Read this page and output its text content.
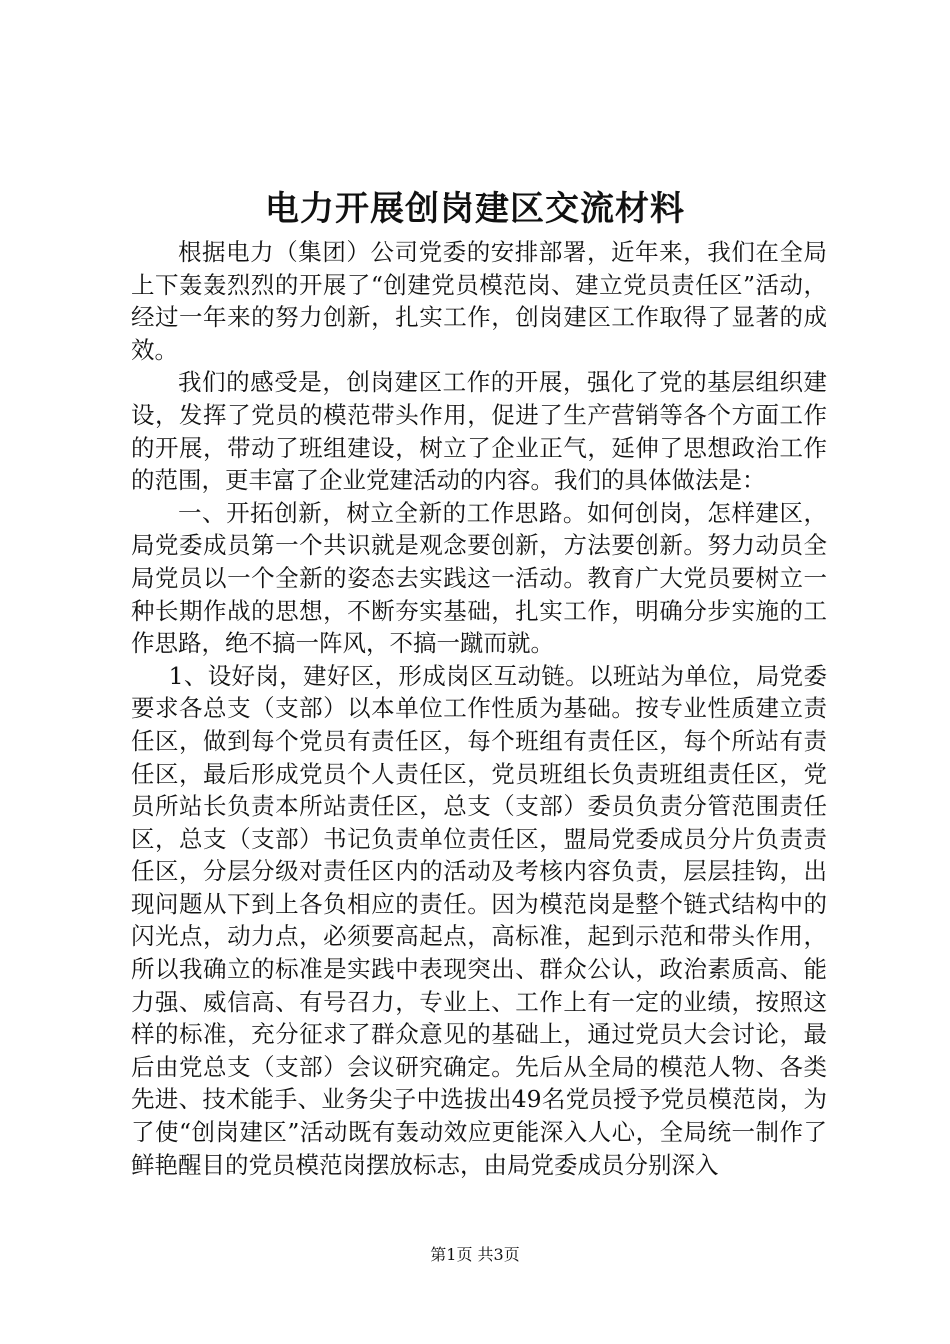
电力开展创岗建区交流材料

根据电力（集团）公司党委的安排部署，近年来，我们在全局上下轰轰烈烈的开展了“创建党员模范岗、建立党员责任区”活动，经过一年来的努力创新，扎实工作，创岗建区工作取得了显著的成效。

我们的感受是，创岗建区工作的开展，强化了党的基层组织建设，发挥了党员的模范带头作用，促进了生产营销等各个方面工作的开展，带动了班组建设，树立了企业正气，延伸了思想政治工作的范围，更丰富了企业党建活动的内容。我们的具体做法是：

一、开拓创新，树立全新的工作思路。如何创岗，怎样建区，局党委成员第一个共识就是观念要创新，方法要创新。努力动员全局党员以一个全新的姿态去实践这一活动。教育广大党员要树立一种长期作战的思想，不断夯实基础，扎实工作，明确分步实施的工作思路，绝不搞一阵风，不搞一蹴而就。

1、设好岗，建好区，形成岗区互动链。以班站为单位，局党委要求各总支（支部）以本单位工作性质为基础。按专业性质建立责任区，做到每个党员有责任区，每个班组有责任区，每个所站有责任区，最后形成党员个人责任区，党员班组长负责班组责任区，党员所站长负责本所站责任区，总支（支部）委员负责分管范围责任区，总支（支部）书记负责单位责任区，盟局党委成员分片负责责任区，分层分级对责任区内的活动及考核内容负责，层层挂钩，出现问题从下到上各负相应的责任。因为模范岗是整个链式结构中的闪光点，动力点，必须要高起点，高标准，起到示范和带头作用，所以我确立的标准是实践中表现突出、群众公认，政治素质高、能力强、威信高、有号召力，专业上、工作上有一定的业绩，按照这样的标准，充分征求了群众意见的基础上，通过党员大会讨论，最后由党总支（支部）会议研究确定。先后从全局的模范人物、各类先进、技术能手、业务尖子中选拔出49名党员授予党员模范岗，为了使“创岗建区”活动既有轰动效应更能深入人心，全局统一制作了鲜艳醒目的党员模范岗摆放标志，由局党委成员分别深入

第1页 共3页
